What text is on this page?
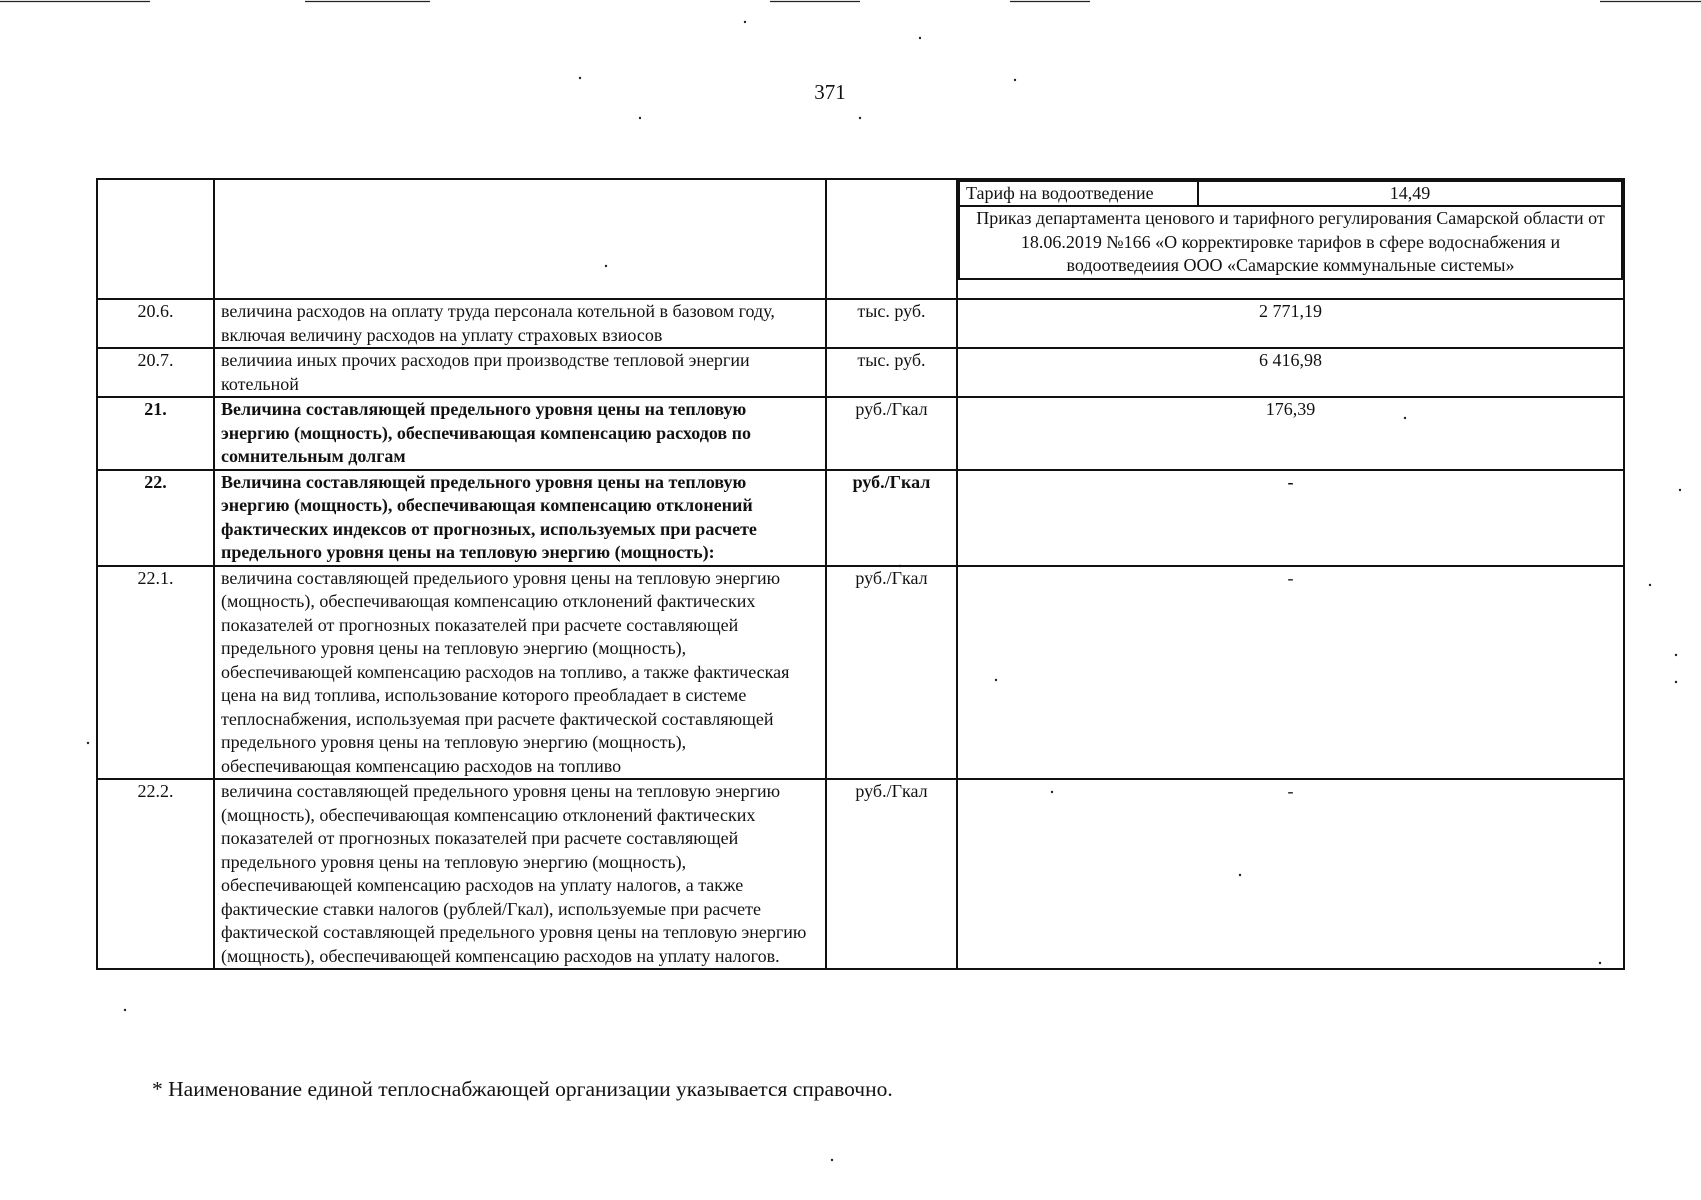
371

Тариф на водоотведение	14,49
Приказ департамента ценового и тарифного регулирования Самарской области от 18.06.2019 №166 «О корректировке тарифов в сфере водоснабжения и водоотведеиия ООО «Самарские коммунальные системы»

20.6.	величина расходов на оплату труда персонала котельной в базовом году, включая величину расходов на уплату страховых взиосов	тыс. руб.	2 771,19
20.7.	величииа иных прочих расходов при производстве тепловой энергии котельной	тыс. руб.	6 416,98
21.	Величина составляющей предельного уровня цены на тепловую энергию (мощность), обеспечивающая компенсацию расходов по сомнительным долгам	руб./Гкал	176,39
22.	Величина составляющей предельного уровня цены на тепловую энергию (мощность), обеспечивающая компенсацию отклонений фактических индексов от прогнозных, используемых при расчете предельного уровня цены на тепловую энергию (мощность):	руб./Гкал	-
22.1.	величина составляющей предельиого уровня цены на тепловую энергию (мощность), обеспечивающая компенсацию отклонений фактических показателей от прогнозных показателей при расчете составляющей предельного уровня цены на тепловую энергию (мощность), обеспечивающей компенсацию расходов на топливо, а также фактическая цена на вид топлива, использование которого преобладает в системе теплоснабжения, используемая при расчете фактической составляющей предельного уровня цены на тепловую энергию (мощность), обеспечивающая компенсацию расходов на топливо	руб./Гкал	-
22.2.	величина составляющей предельного уровня цены на тепловую энергию (мощность), обеспечивающая компенсацию отклонений фактических показателей от прогнозных показателей при расчете составляющей предельного уровня цены на тепловую энергию (мощность), обеспечивающей компенсацию расходов на уплату налогов, а также фактические ставки налогов (рублей/Гкал), используемые при расчете фактической составляющей предельного уровня цены на тепловую энергию (мощность), обеспечивающей компенсацию расходов на уплату налогов.	руб./Гкал	-
* Наименование единой теплоснабжающей организации указывается справочно.
